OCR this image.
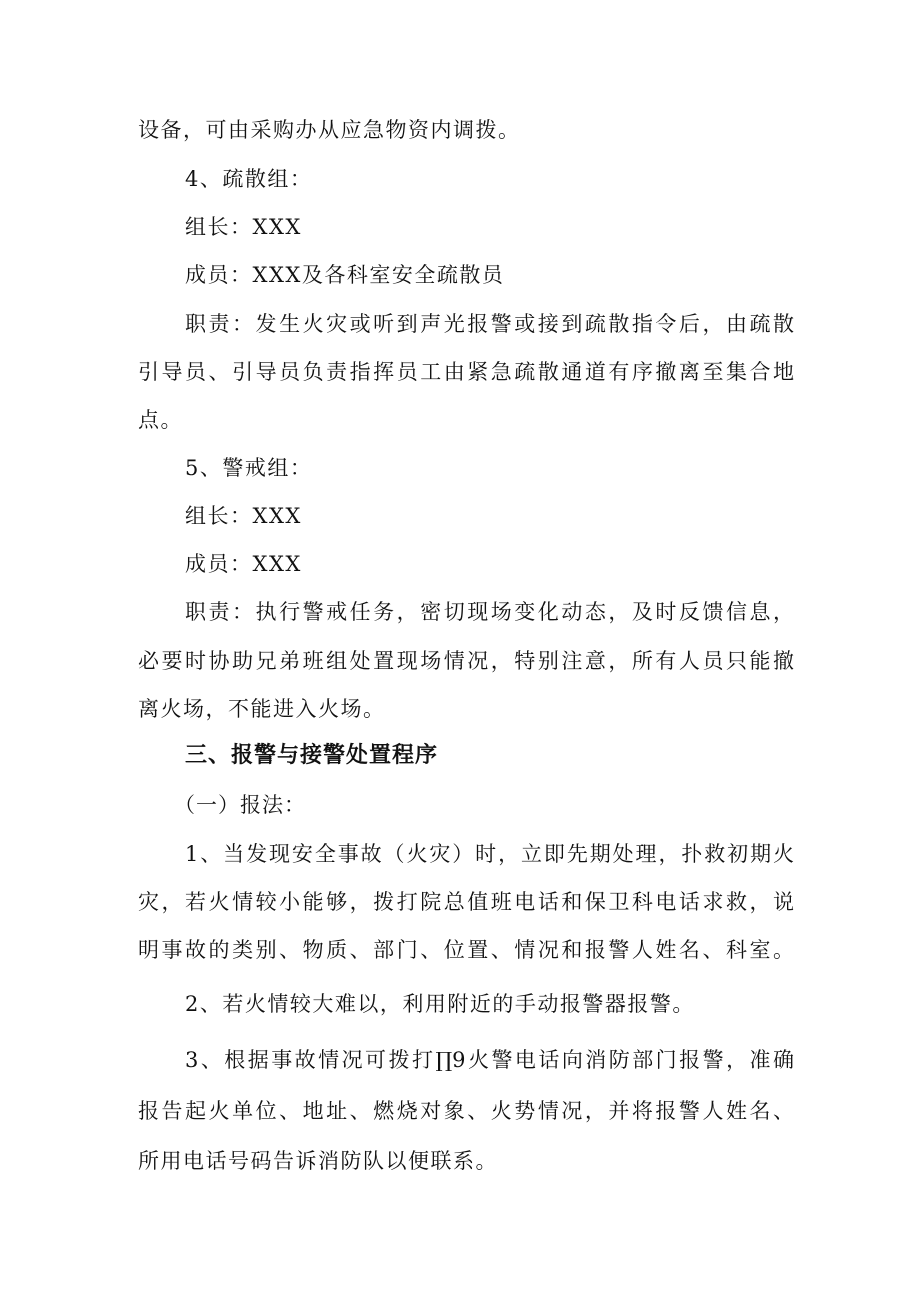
设备，可由采购办从应急物资内调拨。

4、疏散组：

组长：XXX

成员：XXX及各科室安全疏散员

职责：发生火灾或听到声光报警或接到疏散指令后，由疏散

引导员、引导员负责指挥员工由紧急疏散通道有序撤离至集合地

点。

5、警戒组：

组长：XXX

成员：XXX

职责：执行警戒任务，密切现场变化动态，及时反馈信息，

必要时协助兄弟班组处置现场情况，特别注意，所有人员只能撤

离火场，不能进入火场。

三、报警与接警处置程序

（一）报法：

1、当发现安全事故（火灾）时，立即先期处理，扑救初期火

灾，若火情较小能够，拨打院总值班电话和保卫科电话求救，说

明事故的类别、物质、部门、位置、情况和报警人姓名、科室。

2、若火情较大难以，利用附近的手动报警器报警。

3、根据事故情况可拨打∏9火警电话向消防部门报警，准确

报告起火单位、地址、燃烧对象、火势情况，并将报警人姓名、

所用电话号码告诉消防队以便联系。
